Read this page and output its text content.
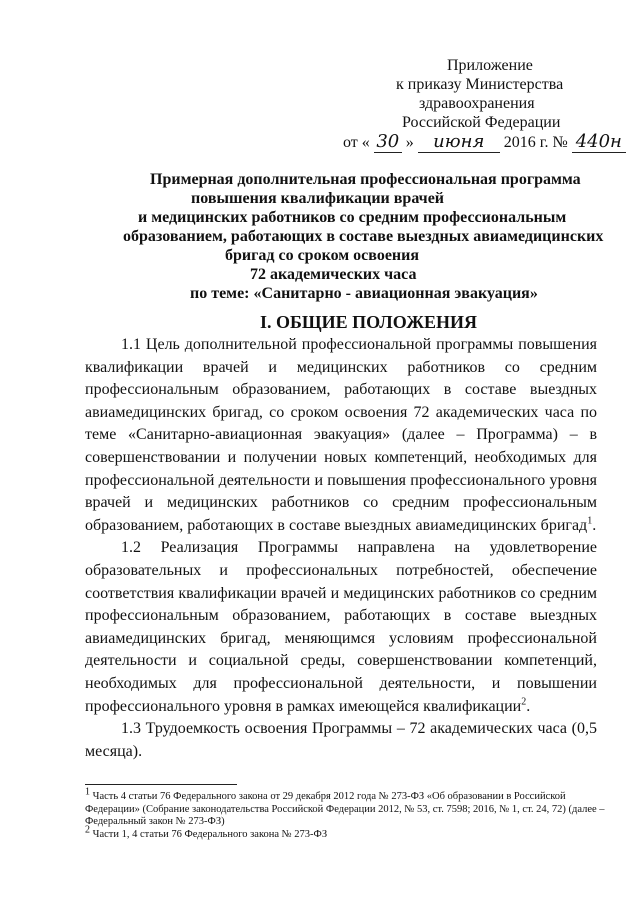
Приложение
к приказу Министерства
здравоохранения
Российской Федерации
от « 30 » июня 2016 г. № 440н
Примерная дополнительная профессиональная программа
повышения квалификации врачей
и медицинских работников со средним профессиональным
образованием, работающих в составе выездных авиамедицинских
бригад со сроком освоения
72 академических часа
по теме: «Санитарно - авиационная эвакуация»
I. ОБЩИЕ ПОЛОЖЕНИЯ

1.1 Цель дополнительной профессиональной программы повышения квалификации врачей и медицинских работников со средним профессиональным образованием, работающих в составе выездных авиамедицинских бригад, со сроком освоения 72 академических часа по теме «Санитарно-авиационная эвакуация» (далее – Программа) – в совершенствовании и получении новых компетенций, необходимых для профессиональной деятельности и повышения профессионального уровня врачей и медицинских работников со средним профессиональным образованием, работающих в составе выездных авиамедицинских бригад$^1$.

1.2 Реализация Программы направлена на удовлетворение образовательных и профессиональных потребностей, обеспечение соответствия квалификации врачей и медицинских работников со средним профессиональным образованием, работающих в составе выездных авиамедицинских бригад, меняющимся условиям профессиональной деятельности и социальной среды, совершенствовании компетенций, необходимых для профессиональной деятельности, и повышении профессионального уровня в рамках имеющейся квалификации$^2$.

1.3 Трудоемкость освоения Программы – 72 академических часа (0,5 месяца).

$^1$ Часть 4 статьи 76 Федерального закона от 29 декабря 2012 года № 273-ФЗ «Об образовании в Российской Федерации» (Собрание законодательства Российской Федерации 2012, № 53, ст. 7598; 2016, № 1, ст. 24, 72) (далее – Федеральный закон № 273-ФЗ)
$^2$ Части 1, 4 статьи 76 Федерального закона № 273-ФЗ
